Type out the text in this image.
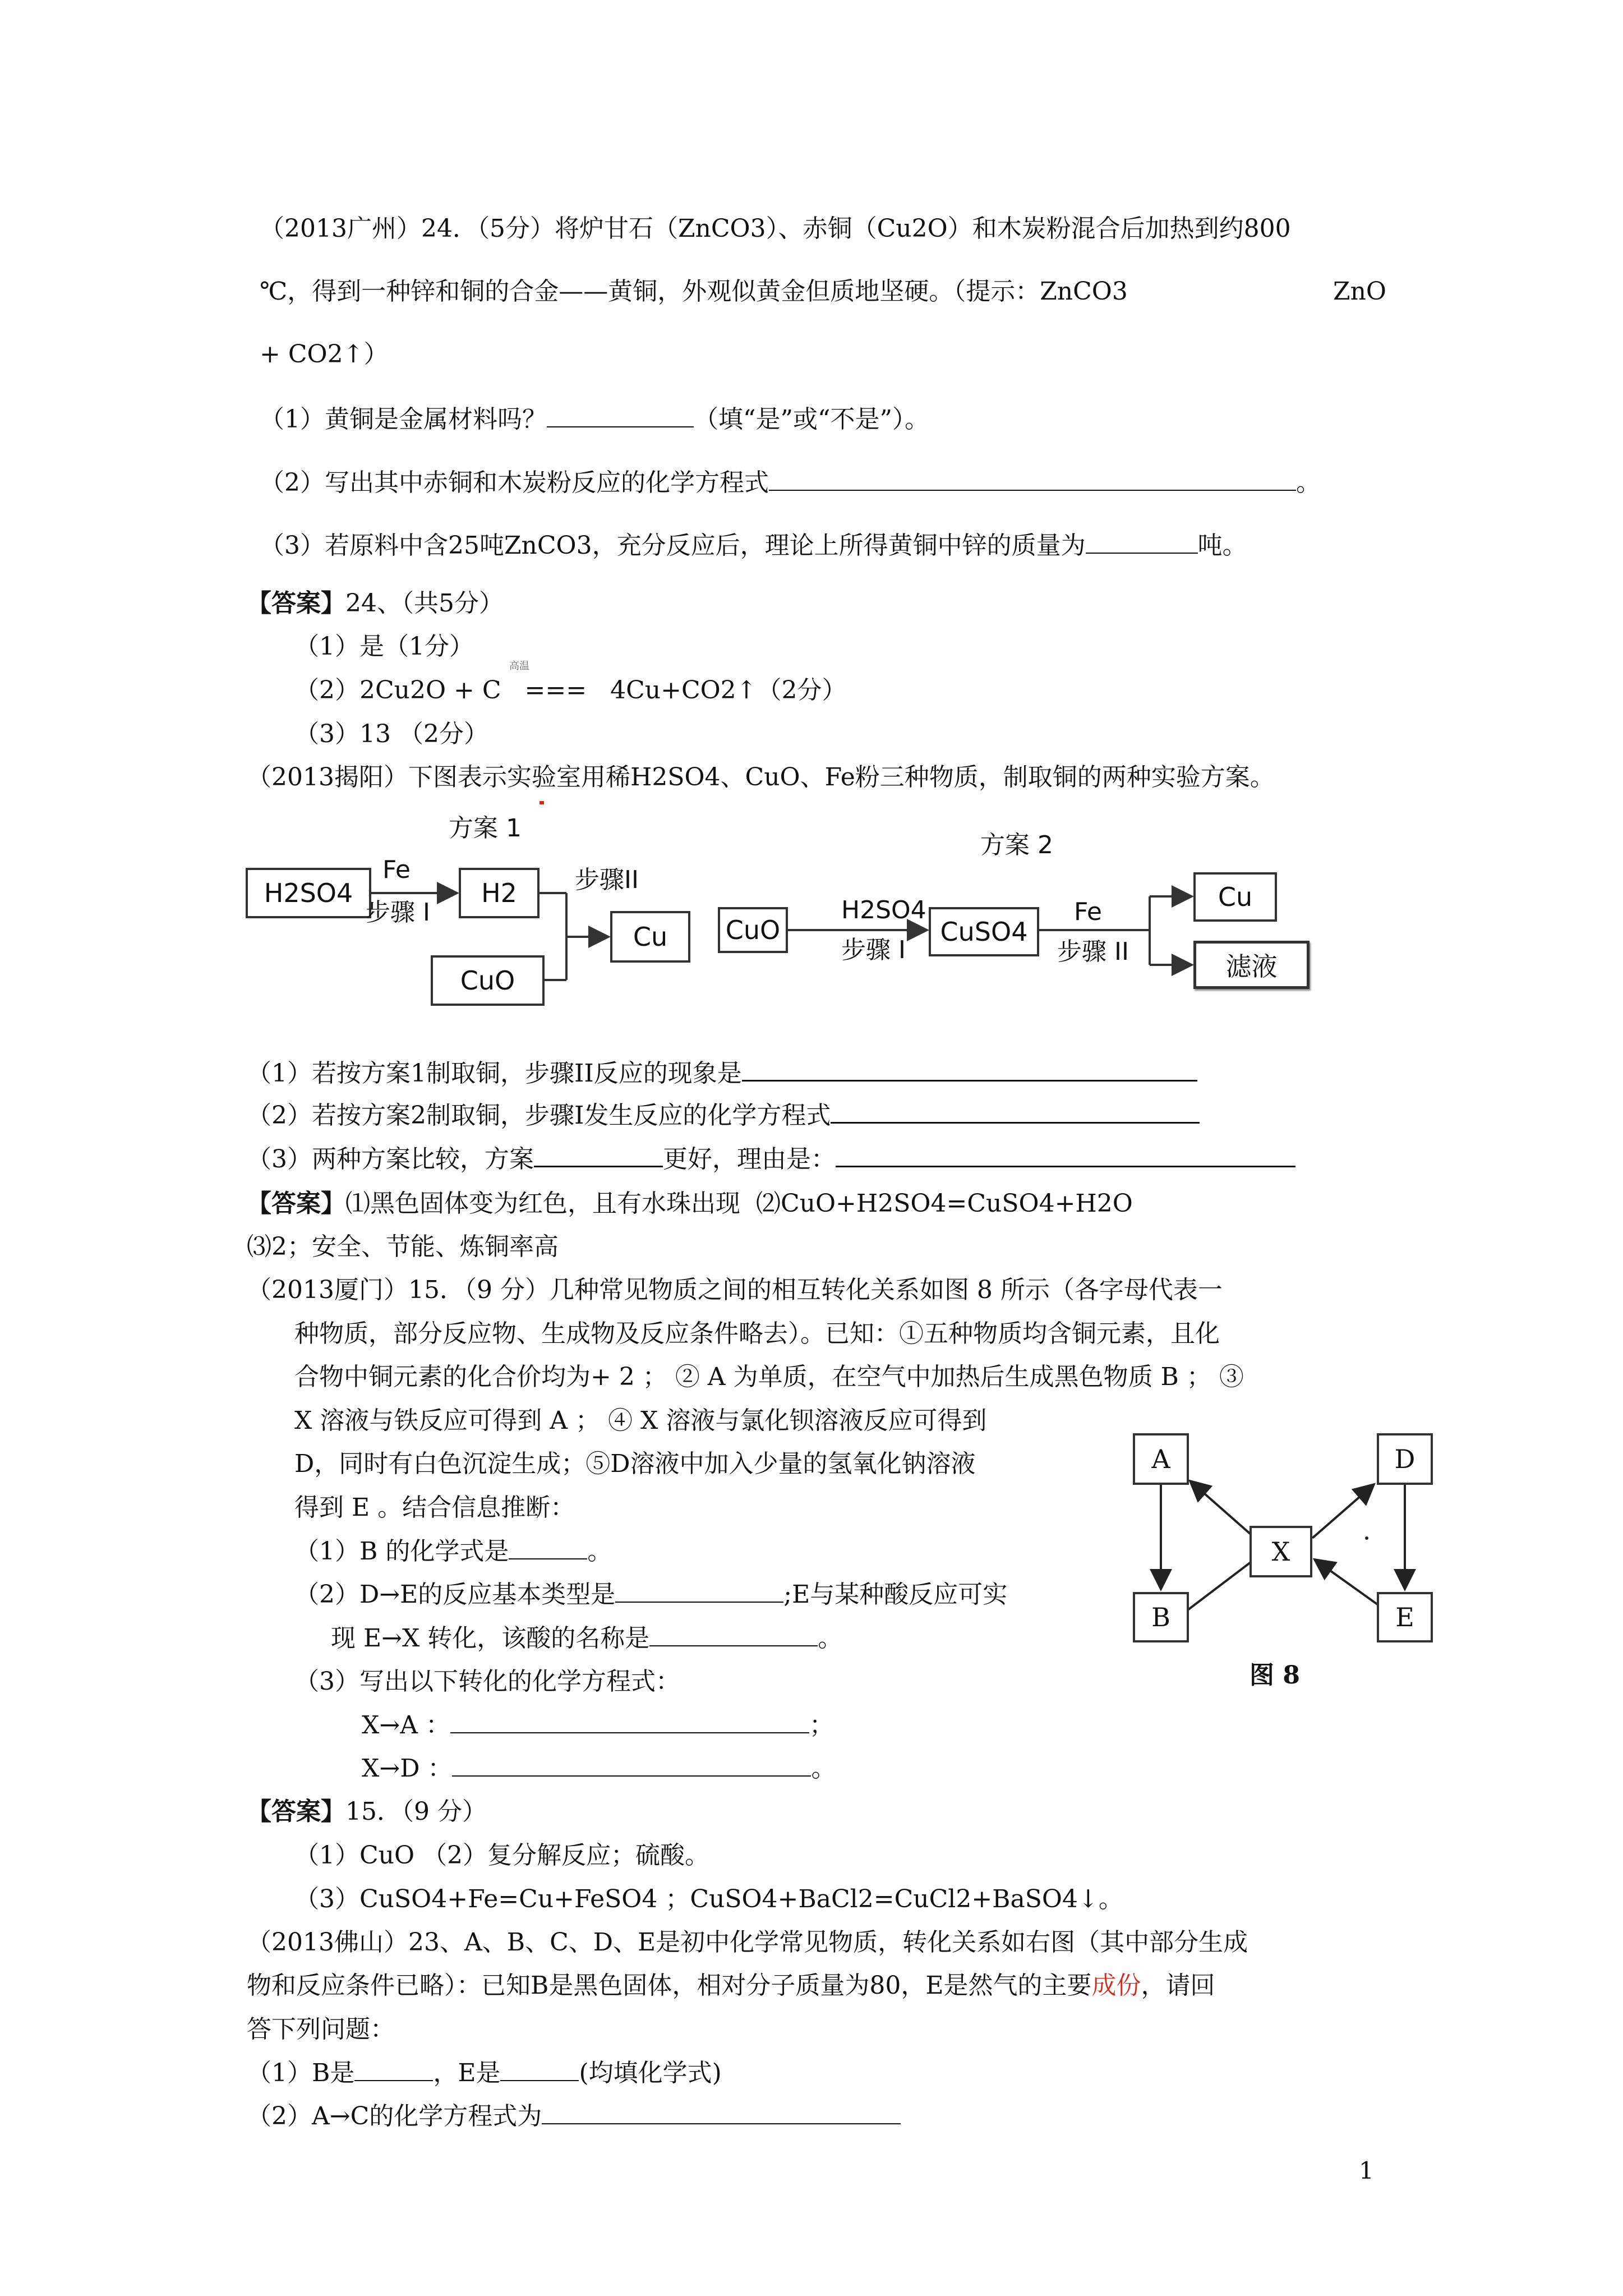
（2013广州）24．（5分）将炉甘石（ZnCO3）、赤铜（Cu2O）和木炭粉混合后加热到约800
℃，得到一种锌和铜的合金——黄铜，外观似黄金但质地坚硬。（提示：ZnCO3	ZnO
+ CO2↑）
（1）黄铜是金属材料吗？	（填“是”或“不是”）。
（2）写出其中赤铜和木炭粉反应的化学方程式	。
（3）若原料中含25吨ZnCO3，充分反应后，理论上所得黄铜中锌的质量为	吨。
【答案】24、（共5分）
（1）是（1分）
高温
（2）2Cu2O + C   ===   4Cu+CO2↑（2分）
（3）13 （2分）
（2013揭阳）下图表示实验室用稀H2SO4、CuO、Fe粉三种物质，制取铜的两种实验方案。
方案 1
H2SO4
Fe
步骤 I
H2	步骤II
Cu
CuO
方案 2
CuO
H2SO4
步骤 I
CuSO4
Fe
步骤 II
Cu
滤液
（1）若按方案1制取铜，步骤II反应的现象是
（2）若按方案2制取铜，步骤I发生反应的化学方程式
（3）两种方案比较，方案	更好，理由是：
【答案】⑴黑色固体变为红色，且有水珠出现  ⑵CuO+H2SO4=CuSO4+H2O
⑶2；安全、节能、炼铜率高
（2013厦门）15．（9 分）几种常见物质之间的相互转化关系如图 8 所示（各字母代表一
种物质，部分反应物、生成物及反应条件略去）。已知：①五种物质均含铜元素，且化
合物中铜元素的化合价均为+ 2 ； ② A 为单质，在空气中加热后生成黑色物质 B ； ③
X 溶液与铁反应可得到 A ； ④ X 溶液与氯化钡溶液反应可得到
D，同时有白色沉淀生成；⑤D溶液中加入少量的氢氧化钠溶液
得到 E 。结合信息推断：
（1）B 的化学式是	。
（2）D→E的反应基本类型是	;E与某种酸反应可实
现 E→X 转化，该酸的名称是	。
（3）写出以下转化的化学方程式：
X→A ：	；
X→D ：	。
A	D
X
B	E
图 8
【答案】15．（9 分）
（1）CuO （2）复分解反应；硫酸。
（3）CuSO4+Fe=Cu+FeSO4 ；CuSO4+BaCl2=CuCl2+BaSO4↓。
（2013佛山）23、A、B、C、D、E是初中化学常见物质，转化关系如右图（其中部分生成
物和反应条件已略）：已知B是黑色固体，相对分子质量为80，E是然气的主要成份，请回
答下列问题：
（1）B是	，E是	(均填化学式)
（2）A→C的化学方程式为
1
